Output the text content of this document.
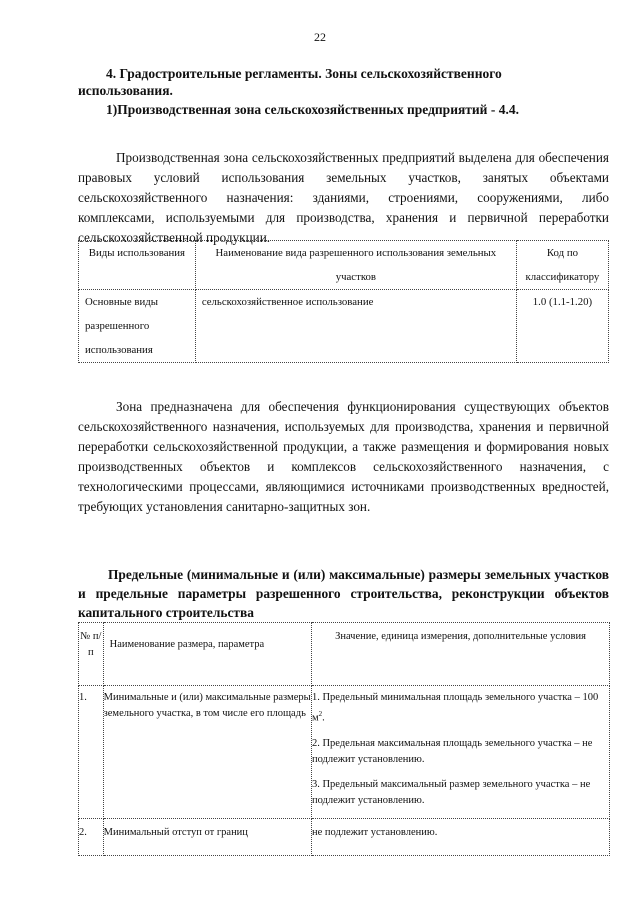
22
4. Градостроительные регламенты. Зоны сельскохозяйственного использования.
1)Производственная зона сельскохозяйственных предприятий - 4.4.

Производственная зона сельскохозяйственных предприятий выделена для обеспечения правовых условий использования земельных участков, занятых объектами сельскохозяйственного назначения: зданиями, строениями, сооружениями, либо комплексами, используемыми для производства, хранения и первичной переработки сельскохозяйственной продукции.

Виды использования	Наименование вида разрешенного использования земельных участков	Код по классификатору
Основные виды разрешенного использования	сельскохозяйственное использование	1.0 (1.1-1.20)

Зона предназначена для обеспечения функционирования существующих объектов сельскохозяйственного назначения, используемых для производства, хранения и первичной переработки сельскохозяйственной продукции, а также размещения и формирования новых производственных объектов и комплексов сельскохозяйственного назначения, с технологическими процессами, являющимися источниками производственных вредностей, требующих установления санитарно-защитных зон.

Предельные (минимальные и (или) максимальные) размеры земельных участков и предельные параметры разрешенного строительства, реконструкции объектов капитального строительства
№ п/п	Наименование размера, параметра	Значение, единица измерения, дополнительные условия
1.	Минимальные и (или) максимальные размеры земельного участка, в том числе его площадь	1. Предельный минимальная площадь земельного участка – 100 $м^2$.

2. Предельная максимальная площадь земельного участка – не подлежит установлению.

3. Предельный максимальный размер земельного участка – не подлежит установлению.

2.	Минимальный отступ от границ	не подлежит установлению.
